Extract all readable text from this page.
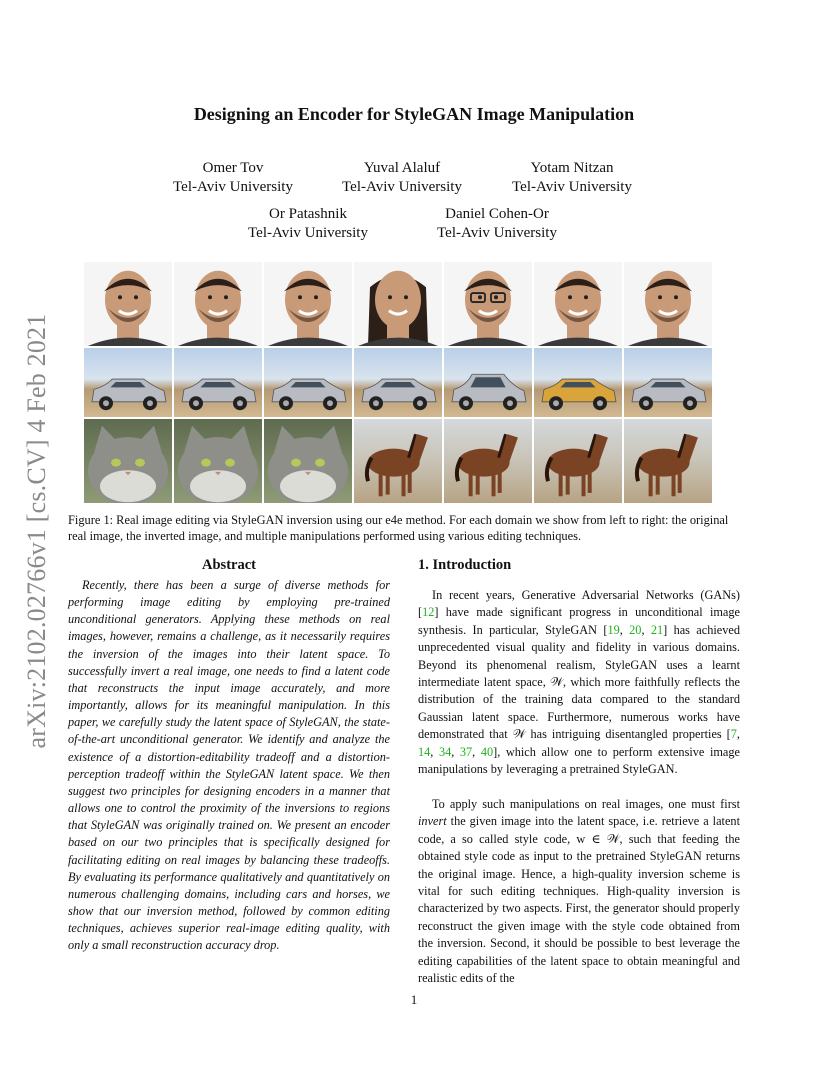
arXiv:2102.02766v1 [cs.CV] 4 Feb 2021
Designing an Encoder for StyleGAN Image Manipulation
Omer Tov
Tel-Aviv University
Yuval Alaluf
Tel-Aviv University
Yotam Nitzan
Tel-Aviv University
Or Patashnik
Tel-Aviv University
Daniel Cohen-Or
Tel-Aviv University
Figure 1: Real image editing via StyleGAN inversion using our e4e method. For each domain we show from left to right: the original real image, the inverted image, and multiple manipulations performed using various editing techniques.
Abstract

Recently, there has been a surge of diverse methods for performing image editing by employing pre-trained unconditional generators. Applying these methods on real images, however, remains a challenge, as it necessarily requires the inversion of the images into their latent space. To successfully invert a real image, one needs to find a latent code that reconstructs the input image accurately, and more importantly, allows for its meaningful manipulation. In this paper, we carefully study the latent space of StyleGAN, the state-of-the-art unconditional generator. We identify and analyze the existence of a distortion-editability tradeoff and a distortion-perception tradeoff within the StyleGAN latent space. We then suggest two principles for designing encoders in a manner that allows one to control the proximity of the inversions to regions that StyleGAN was originally trained on. We present an encoder based on our two principles that is specifically designed for facilitating editing on real images by balancing these tradeoffs. By evaluating its performance qualitatively and quantitatively on numerous challenging domains, including cars and horses, we show that our inversion method, followed by common editing techniques, achieves superior real-image editing quality, with only a small reconstruction accuracy drop.

1. Introduction

In recent years, Generative Adversarial Networks (GANs) [12] have made significant progress in unconditional image synthesis. In particular, StyleGAN [19, 20, 21] has achieved unprecedented visual quality and fidelity in various domains. Beyond its phenomenal realism, StyleGAN uses a learnt intermediate latent space, 𝒲, which more faithfully reflects the distribution of the training data compared to the standard Gaussian latent space. Furthermore, numerous works have demonstrated that 𝒲 has intriguing disentangled properties [7, 14, 34, 37, 40], which allow one to perform extensive image manipulations by leveraging a pretrained StyleGAN.

To apply such manipulations on real images, one must first invert the given image into the latent space, i.e. retrieve a latent code, a so called style code, w ∈ 𝒲, such that feeding the obtained style code as input to the pretrained StyleGAN returns the original image. Hence, a high-quality inversion scheme is vital for such editing techniques. High-quality inversion is characterized by two aspects. First, the generator should properly reconstruct the given image with the style code obtained from the inversion. Second, it should be possible to best leverage the editing capabilities of the latent space to obtain meaningful and realistic edits of the

1
